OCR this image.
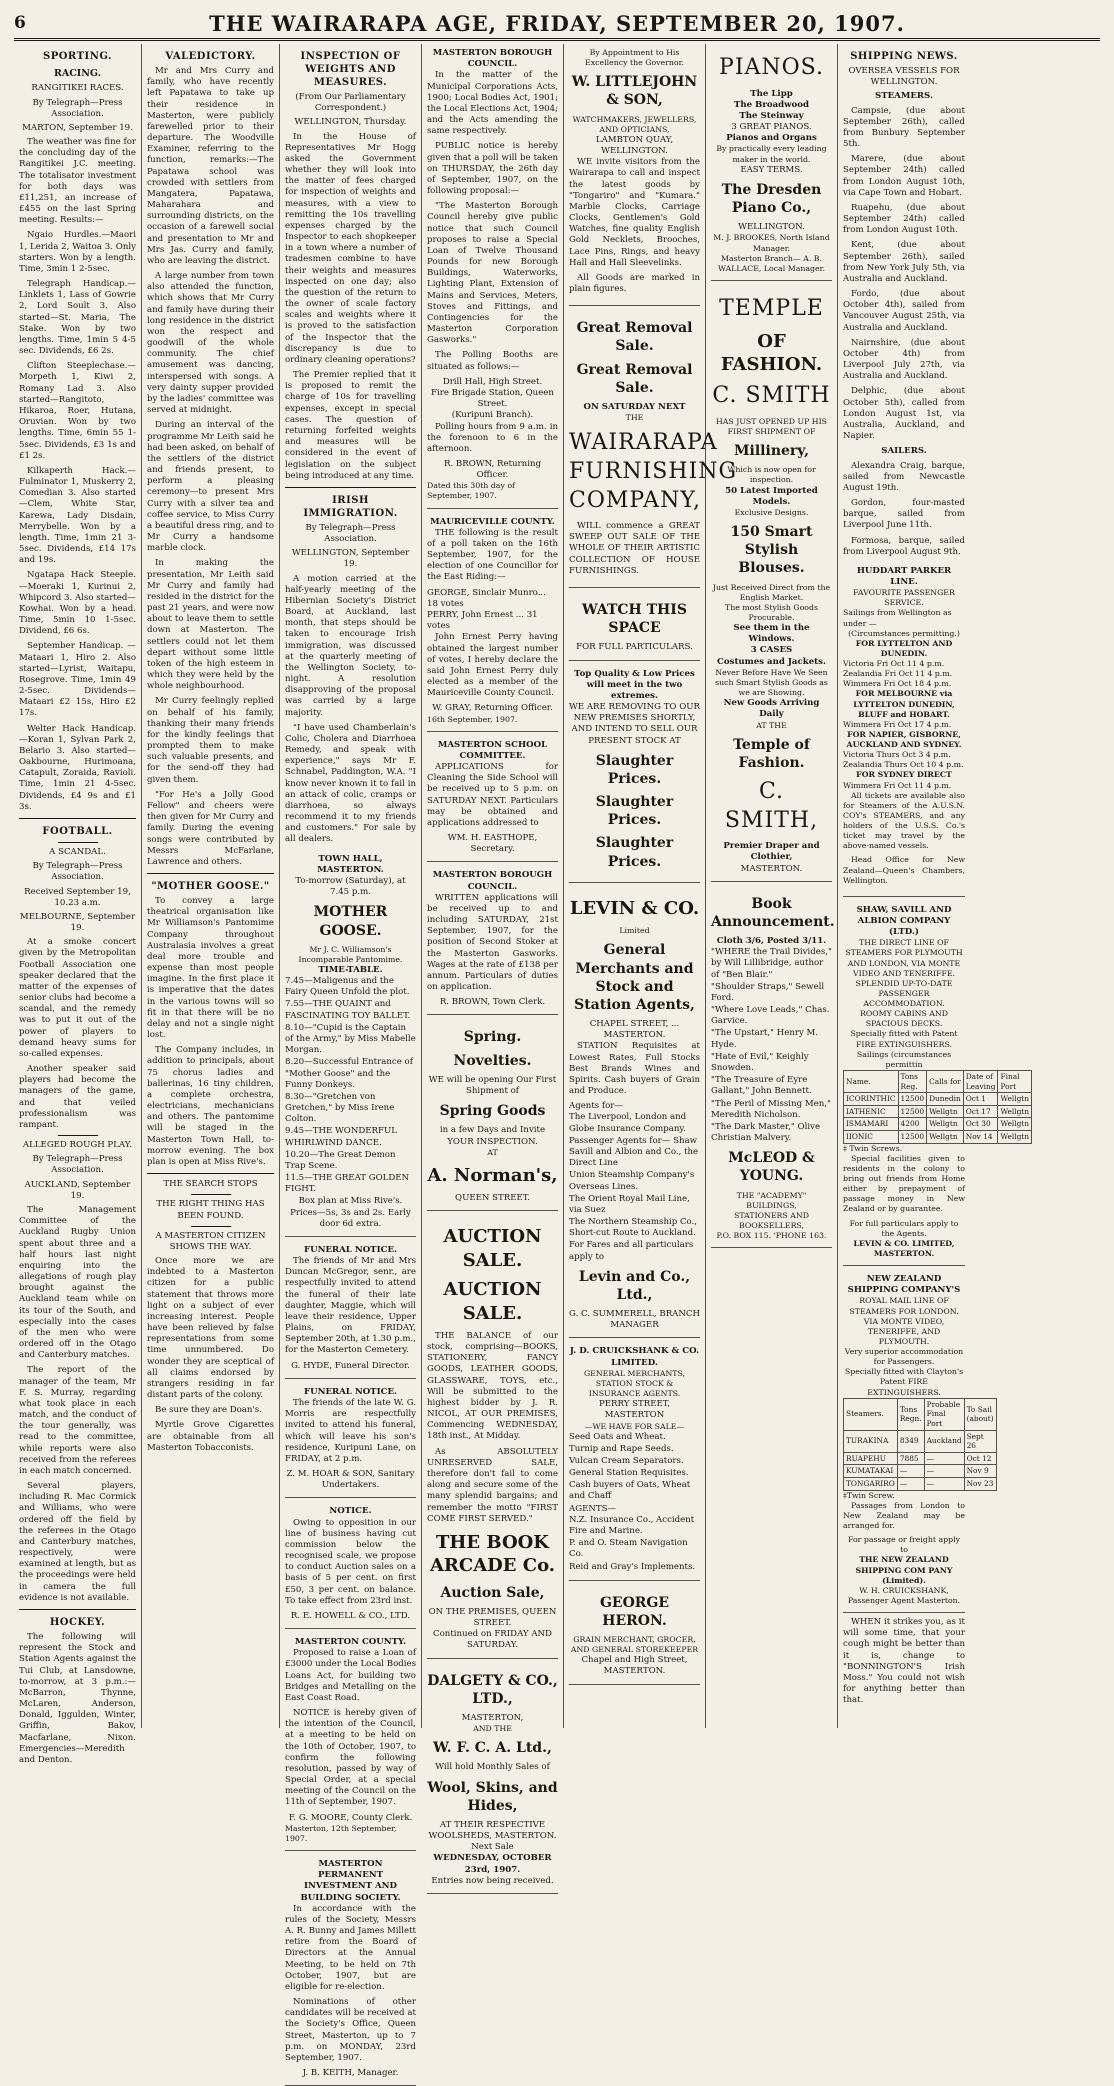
6	THE WAIRARAPA AGE, FRIDAY, SEPTEMBER 20, 1907.
SPORTING.
RACING.
RANGITIKEI RACES.
By Telegraph—Press Association.
MARTON, September 19.

The weather was fine for the concluding day of the Rangitikei J.C. meeting. The totalisator investment for both days was £11,251, an increase of £455 on the last Spring meeting. Results:—

Ngaio Hurdles.—Maori 1, Lerida 2, Waitoa 3. Only starters. Won by a length. Time, 3min 1 2-5sec.

Telegraph Handicap.—Linklets 1, Lass of Gowrie 2, Lord Soult 3. Also started—St. Maria, The Stake. Won by two lengths. Time, 1min 5 4-5 sec. Dividends, £6 2s.

Clifton Steeplechase.—Morpeth 1, Kiwi 2, Romany Lad 3. Also started—Rangitoto, Hikaroa, Roer, Hutana, Oruvian. Won by two lengths. Time, 6min 55 1-5sec. Dividends, £3 1s and £1 2s.

Kilkaperth Hack.—Fulminator 1, Muskerry 2, Comedian 3. Also started—Clem, White Star, Karewa, Lady Disdain, Merrybelle. Won by a length. Time, 1min 21 3-5sec. Dividends, £14 17s and 19s.

Ngatapa Hack Steeple.—Moeraki 1, Kurinui 2, Whipcord 3. Also started—Kowhai. Won by a head. Time, 5min 10 1-5sec. Dividend, £6 6s.

September Handicap. — Mataari 1, Hiro 2. Also started—Lyrist, Waitapu, Rosegrove. Time, 1min 49 2-5sec. Dividends—Mataari £2 15s, Hiro £2 17s.

Welter Hack Handicap.—Koran 1, Sylvan Park 2, Belario 3. Also started—Oakbourne, Hurimoana, Catapult, Zoraida, Ravioli. Time, 1min 21 4-5sec. Dividends, £4 9s and £1 3s.

FOOTBALL.
A SCANDAL.
By Telegraph—Press Association.
Received September 19, 10.23 a.m.
MELBOURNE, September 19.

At a smoke concert given by the Metropolitan Football Association one speaker declared that the matter of the expenses of senior clubs had become a scandal, and the remedy was to put it out of the power of players to demand heavy sums for so-called expenses.

Another speaker said players had become the managers of the game, and that veiled professionalism was rampant.

ALLEGED ROUGH PLAY.
By Telegraph—Press Association.
AUCKLAND, September 19.

The Management Committee of the Auckland Rugby Union spent about three and a half hours last night enquiring into the allegations of rough play brought against the Auckland team while on its tour of the South, and especially into the cases of the men who were ordered off in the Otago and Canterbury matches.

The report of the manager of the team, Mr F. S. Murray, regarding what took place in each match, and the conduct of the tour generally, was read to the committee, while reports were also received from the referees in each match concerned.

Several players, including R. Mac Cormick and Williams, who were ordered off the field by the referees in the Otago and Canterbury matches, respectively, were examined at length, but as the proceedings were held in camera the full evidence is not available.

HOCKEY.

The following will represent the Stock and Station Agents against the Tui Club, at Lansdowne, to-morrow, at 3 p.m.:—McBarron, Thynne, McLaren, Anderson, Donald, Iggulden, Winter, Griffin, Bakov, Macfarlane, Nixon. Emergencies—Meredith and Denton.

VALEDICTORY.

Mr and Mrs Curry and family, who have recently left Papatawa to take up their residence in Masterton, were publicly farewelled prior to their departure. The Woodville Examiner, referring to the function, remarks:—The Papatawa school was crowded with settlers from Mangatera, Papatawa, Maharahara and surrounding districts, on the occasion of a farewell social and presentation to Mr and Mrs Jas. Curry and family, who are leaving the district.

A large number from town also attended the function, which shows that Mr Curry and family have during their long residence in the district won the respect and goodwill of the whole community. The chief amusement was dancing, interspersed with songs. A very dainty supper provided by the ladies' committee was served at midnight.

During an interval of the programme Mr Leith said he had been asked, on behalf of the settlers of the district and friends present, to perform a pleasing ceremony—to present Mrs Curry with a silver tea and coffee service, to Miss Curry a beautiful dress ring, and to Mr Curry a handsome marble clock.

In making the presentation, Mr Leith said Mr Curry and family had resided in the district for the past 21 years, and were now about to leave them to settle down at Masterton. The settlers could not let them depart without some little token of the high esteem in which they were held by the whole neighbourhood.

Mr Curry feelingly replied on behalf of his family, thanking their many friends for the kindly feelings that prompted them to make such valuable presents, and for the send-off they had given them.

"For He's a Jolly Good Fellow" and cheers were then given for Mr Curry and family. During the evening songs were contributed by Messrs McFarlane, Lawrence and others.

"MOTHER GOOSE."

To convey a large theatrical organisation like Mr Williamson's Pantomime Company throughout Australasia involves a great deal more trouble and expense than most people imagine. In the first place it is imperative that the dates in the various towns will so fit in that there will be no delay and not a single night lost.

The Company includes, in addition to principals, about 75 chorus ladies and ballerinas, 16 tiny children, a complete orchestra, electricians, mechanicians and others. The pantomime will be staged in the Masterton Town Hall, to-morrow evening. The box plan is open at Miss Rive's.

THE SEARCH STOPS
THE RIGHT THING HAS BEEN FOUND.
A MASTERTON CITIZEN SHOWS THE WAY.

Once more we are indebted to a Masterton citizen for a public statement that throws more light on a subject of ever increasing interest. People have been relieved by false representations from some time unnumbered. Do wonder they are sceptical of all claims endorsed by strangers residing in far distant parts of the colony.

Be sure they are Doan's.

Myrtle Grove Cigarettes are obtainable from all Masterton Tobacconists.

INSPECTION OF WEIGHTS AND MEASURES.
(From Our Parliamentary Correspondent.)
WELLINGTON, Thursday.

In the House of Representatives Mr Hogg asked the Government whether they will look into the matter of fees charged for inspection of weights and measures, with a view to remitting the 10s travelling expenses charged by the Inspector to each shopkeeper in a town where a number of tradesmen combine to have their weights and measures inspected on one day; also the question of the return to the owner of scale factory scales and weights where it is proved to the satisfaction of the Inspector that the discrepancy is due to ordinary cleaning operations?

The Premier replied that it is proposed to remit the charge of 10s for travelling expenses, except in special cases. The question of returning forfeited weights and measures will be considered in the event of legislation on the subject being introduced at any time.

IRISH IMMIGRATION.
By Telegraph—Press Association.
WELLINGTON, September 19.

A motion carried at the half-yearly meeting of the Hibernian Society's District Board, at Auckland, last month, that steps should be taken to encourage Irish immigration, was discussed at the quarterly meeting of the Wellington Society, to-night. A resolution disapproving of the proposal was carried by a large majority.

"I have used Chamberlain's Colic, Cholera and Diarrhoea Remedy, and speak with experience," says Mr F. Schnabel, Paddington, W.A. "I know never known it to fail in an attack of colic, cramps or diarrhoea, so always recommend it to my friends and customers." For sale by all dealers.

TOWN HALL, MASTERTON.
To-morrow (Saturday), at 7.45 p.m.
MOTHER GOOSE.
Mr J. C. Williamson's Incomparable Pantomime.
TIME-TABLE.
7.45—Maligenus and the Fairy Queen Unfold the plot.
7.55—THE QUAINT and FASCINATING TOY BALLET.
8.10—"Cupid is the Captain of the Army," by Miss Mabelle Morgan.
8.20—Successful Entrance of "Mother Goose" and the Funny Donkeys.
8.30—"Gretchen von Gretchen," by Miss Irene Colton.
9.45—THE WONDERFUL WHIRLWIND DANCE.
10.20—The Great Demon Trap Scene.
11.5—THE GREAT GOLDEN FIGHT.
Box plan at Miss Rive's.
Prices—5s, 3s and 2s. Early door 6d extra.
FUNERAL NOTICE.

The friends of Mr and Mrs Duncan McGregor, senr., are respectfully invited to attend the funeral of their late daughter, Maggie, which will leave their residence, Upper Plains, on FRIDAY, September 20th, at 1.30 p.m., for the Masterton Cemetery.

G. HYDE, Funeral Director.
FUNERAL NOTICE.

The friends of the late W. G. Morris are respectfully invited to attend his funeral, which will leave his son's residence, Kuripuni Lane, on FRIDAY, at 2 p.m.

Z. M. HOAR & SON, Sanitary Undertakers.
NOTICE.

Owing to opposition in our line of business having cut commission below the recognised scale, we propose to conduct Auction sales on a basis of 5 per cent. on first £50, 3 per cent. on balance. To take effect from 23rd inst.

R. E. HOWELL & CO., LTD.
MASTERTON COUNTY.

Proposed to raise a Loan of £3000 under the Local Bodies Loans Act, for building two Bridges and Metalling on the East Coast Road.

NOTICE is hereby given of the intention of the Council, at a meeting to be held on the 10th of October, 1907, to confirm the following resolution, passed by way of Special Order, at a special meeting of the Council on the 11th of September, 1907.

F. G. MOORE, County Clerk.
Masterton, 12th September, 1907.
MASTERTON PERMANENT INVESTMENT AND BUILDING SOCIETY.

In accordance with the rules of the Society, Messrs A. R. Bunny and James Millett retire from the Board of Directors at the Annual Meeting, to be held on 7th October, 1907, but are eligible for re-election.

Nominations of other candidates will be received at the Society's Office, Queen Street, Masterton, up to 7 p.m. on MONDAY, 23rd September, 1907.

J. B. KEITH, Manager.
MASTERTON BOROUGH COUNCIL.

In the matter of the Municipal Corporations Acts, 1900; Local Bodies Act, 1901; the Local Elections Act, 1904; and the Acts amending the same respectively.

PUBLIC notice is hereby given that a poll will be taken on THURSDAY, the 26th day of September, 1907, on the following proposal:—

"The Masterton Borough Council hereby give public notice that such Council proposes to raise a Special Loan of Twelve Thousand Pounds for new Borough Buildings, Waterworks, Lighting Plant, Extension of Mains and Services, Meters, Stoves and Fittings, and Contingencies for the Masterton Corporation Gasworks."

The Polling Booths are situated as follows:—

Drill Hall, High Street.
Fire Brigade Station, Queen Street.
(Kuripuni Branch).

Polling hours from 9 a.m. in the forenoon to 6 in the afternoon.

R. BROWN, Returning Officer.
Dated this 30th day of September, 1907.
MAURICEVILLE COUNTY.

THE following is the result of a poll taken on the 16th September, 1907, for the election of one Councillor for the East Riding:—

GEORGE, Sinclair Munro... 18 votes
PERRY, John Ernest ... 31 votes

John Ernest Perry having obtained the largest number of votes, I hereby declare the said John Ernest Perry duly elected as a member of the Mauriceville County Council.

W. GRAY, Returning Officer.
16th September, 1907.
MASTERTON SCHOOL COMMITTEE.

APPLICATIONS for Cleaning the Side School will be received up to 5 p.m. on SATURDAY NEXT. Particulars may be obtained and applications addressed to

WM. H. EASTHOPE, Secretary.
MASTERTON BOROUGH COUNCIL.

WRITTEN applications will be received up to and including SATURDAY, 21st September, 1907, for the position of Second Stoker at the Masterton Gasworks. Wages at the rate of £138 per annum. Particulars of duties on application.

R. BROWN, Town Clerk.
Spring.
Novelties.
WE will be opening Our First Shipment of
Spring Goods
in a few Days and Invite YOUR INSPECTION.
AT
A. Norman's,
QUEEN STREET.
AUCTION SALE.
AUCTION SALE.

THE BALANCE of our stock, comprising—BOOKS, STATIONERY, FANCY GOODS, LEATHER GOODS, GLASSWARE, TOYS, etc., Will be submitted to the highest bidder by J. R. NICOL, AT OUR PREMISES, Commencing WEDNESDAY, 18th inst., At Midday.

As ABSOLUTELY UNRESERVED SALE, therefore don't fail to come along and secure some of the many splendid bargains; and remember the motto "FIRST COME FIRST SERVED."

THE BOOK ARCADE Co.
Auction Sale,
ON THE PREMISES, QUEEN STREET.
Continued on FRIDAY AND SATURDAY.
DALGETY & CO., LTD.,
MASTERTON,
AND THE
W. F. C. A. Ltd.,
Will hold Monthly Sales of
Wool, Skins, and Hides,
AT THEIR RESPECTIVE WOOLSHEDS, MASTERTON.
Next Sale
WEDNESDAY, OCTOBER 23rd, 1907.
Entries now being received.
By Appointment to His Excellency the Governor.
W. LITTLEJOHN & SON,
WATCHMAKERS, JEWELLERS, AND OPTICIANS,
LAMBTON QUAY, WELLINGTON.

WE invite visitors from the Wairarapa to call and inspect the latest goods by "Tongariro" and "Kumara." Marble Clocks, Carriage Clocks, Gentlemen's Gold Watches, fine quality English Gold Necklets, Brooches, Lace Pins, Rings, and heavy Hall and Hall Sleevelinks.

All Goods are marked in plain figures.

Great Removal Sale.
Great Removal Sale.
ON SATURDAY NEXT
THE
WAIRARAPA FURNISHING COMPANY,

WILL commence a GREAT SWEEP OUT SALE OF THE WHOLE OF THEIR ARTISTIC COLLECTION OF HOUSE FURNISHINGS.

WATCH THIS SPACE
FOR FULL PARTICULARS.
Top Quality & Low Prices will meet in the two extremes.
WE ARE REMOVING TO OUR NEW PREMISES SHORTLY, AND INTEND TO SELL OUR PRESENT STOCK AT
Slaughter Prices.
Slaughter Prices.
Slaughter Prices.
LEVIN & CO.
Limited
General Merchants and Stock and Station Agents,
CHAPEL STREET, ... MASTERTON.

STATION Requisites at Lowest Rates, Full Stocks Best Brands Wines and Spirits. Cash buyers of Grain and Produce.

Agents for—
The Liverpool, London and Globe Insurance Company.
Passenger Agents for— Shaw Savill and Albion and Co., the Direct Line
Union Steamship Company's Overseas Lines.
The Orient Royal Mail Line, via Suez
The Northern Steamship Co., Short-cut Route to Auckland.
For Fares and all particulars apply to
Levin and Co., Ltd.,
G. C. SUMMERELL, BRANCH MANAGER
J. D. CRUICKSHANK & CO. LIMITED.
GENERAL MERCHANTS, STATION STOCK & INSURANCE AGENTS.
PERRY STREET, MASTERTON
—WE HAVE FOR SALE—
Seed Oats and Wheat.
Turnip and Rape Seeds.
Vulcan Cream Separators.
General Station Requisites.
Cash buyers of Oats, Wheat and Chaff
AGENTS—
N.Z. Insurance Co., Accident Fire and Marine.
P. and O. Steam Navigation Co.
Reid and Gray's Implements.
GEORGE HERON.
GRAIN MERCHANT, GROCER, AND GENERAL STOREKEEPER
Chapel and High Street,
MASTERTON.
PIANOS.
The Lipp
The Broadwood
The Steinway
3 GREAT PIANOS.
Pianos and Organs
By practically every leading maker in the world.
EASY TERMS.
The Dresden Piano Co.,
WELLINGTON.
M. J. BROOKES, North Island Manager.
Masterton Branch— A. B. WALLACE, Local Manager.
TEMPLE
OF FASHION.
C. SMITH
HAS JUST OPENED UP HIS FIRST SHIPMENT OF
Millinery,
Which is now open for inspection.
50 Latest Imported Models.
Exclusive Designs.
150 Smart Stylish Blouses.
Just Received Direct from the English Market.
The most Stylish Goods Procurable.
See them in the Windows.
3 CASES
Costumes and Jackets.
Never Before Have We Seen such Smart Stylish Goods as we are Showing.
New Goods Arriving Daily
AT THE
Temple of Fashion.
C. SMITH,
Premier Draper and Clothier,
MASTERTON.
Book Announcement.
Cloth 3/6, Posted 3/11.
"WHERE the Trail Divides," by Will Lillibridge, author of "Ben Blair."
"Shoulder Straps," Sewell Ford.
"Where Love Leads," Chas. Garvice.
"The Upstart," Henry M. Hyde.
"Hate of Evil," Keighly Snowden.
"The Treasure of Eyre Gallant," John Bennett.
"The Peril of Missing Men," Meredith Nicholson.
"The Dark Master," Olive Christian Malvery.
McLEOD & YOUNG.
THE "ACADEMY" BUILDINGS,
STATIONERS AND BOOKSELLERS,
P.O. BOX 115. 'PHONE 163.
SHIPPING NEWS.
OVERSEA VESSELS FOR WELLINGTON.
STEAMERS.

Campsie, (due about September 26th), called from Bunbury September 5th.

Marere, (due about September 24th) called from London August 10th, via Cape Town and Hobart.

Ruapehu, (due about September 24th) called from London August 10th.

Kent, (due about September 26th), sailed from New York July 5th, via Australia and Auckland.

Fordo, (due about October 4th), sailed from Vancouver August 25th, via Australia and Auckland.

Nairnshire, (due about October 4th) from Liverpool July 27th, via Australia and Auckland.

Delphic, (due about October 5th), called from London August 1st, via Australia, Auckland, and Napier.

SAILERS.

Alexandra Craig, barque, sailed from Newcastle August 19th.

Gordon, four-masted barque, sailed from Liverpool June 11th.

Formosa, barque, sailed from Liverpool August 9th.

HUDDART PARKER LINE.
FAVOURITE PASSENGER SERVICE.
Sailings from Wellington as under —
(Circumstances permitting.)
FOR LYTTELTON AND DUNEDIN.
Victoria Fri Oct 11 4 p.m.
Zealandia Fri Oct 11 4 p.m.
Wimmera Fri Oct 18 4 p.m.
FOR MELBOURNE via LYTTELTON DUNEDIN, BLUFF and HOBART.
Wimmera Fri Oct 17 4 p.m.
FOR NAPIER, GISBORNE, AUCKLAND AND SYDNEY.
Victoria Thurs Oct 3 4 p.m.
Zealandia Thurs Oct 10 4 p.m.
FOR SYDNEY DIRECT
Wimmera Fri Oct 11 4 p.m.

All tickets are available also for Steamers of the A.U.S.N. COY's STEAMERS, and any holders of the U.S.S. Co.'s ticket may travel by the above-named vessels.

Head Office for New Zealand—Queen's Chambers, Wellington.

SHAW, SAVILL AND ALBION COMPANY (LTD.)
THE DIRECT LINE OF STEAMERS FOR PLYMOUTH AND LONDON, VIA MONTE VIDEO AND TENERIFFE.
SPLENDID UP-TO-DATE PASSENGER ACCOMMODATION.
ROOMY CABINS AND SPACIOUS DECKS.
Specially fitted with Patent FIRE EXTINGUISHERS.
Sailings (circumstances permittin
Name.	Tons Reg.	Calls for	Date of Leaving	Final Port
ICORINTHIC	12500	Dunedin	Oct 1	Wellgtn
IATHENIC	12500	Wellgtn	Oct 17	Wellgtn
ISMAMARI	4200	Wellgtn	Oct 30	Wellgtn
IIONIC	12500	Wellgtn	Nov 14	Wellgtn
‡ Twin Screws.

Special facilities given to residents in the colony to bring out friends from Home either by prepayment of passage money in New Zealand or by guarantee.

For full particulars apply to the Agents.
LEVIN & CO. LIMITED, MASTERTON.
NEW ZEALAND SHIPPING COMPANY'S
ROYAL MAIL LINE OF STEAMERS FOR LONDON.
VIA MONTE VIDEO, TENERIFFE, AND PLYMOUTH.
Very superior accommodation for Passengers.
Specially fitted with Clayton's Patent FIRE EXTINGUISHERS.
Steamers.	Tons Regn.	Probable Final Port	To Sail (about)
TURAKINA	8349	Auckland	Sept 26
RUAPEHU	7885	—	Oct 12
KUMATAKAI	—	—	Nov 9
TONGARIRO	—	—	Nov 23
‡Twin Screw.

Passages from London to New Zealand may be arranged for.

For passage or freight apply to
THE NEW ZEALAND SHIPPING COM PANY (Limited).
W. H. CRUICKSHANK, Passenger Agent Masterton.

WHEN it strikes you, as it will some time, that your cough might be better than it is, change to "BONNINGTON'S Irish Moss." You could not wish for anything better than that.
